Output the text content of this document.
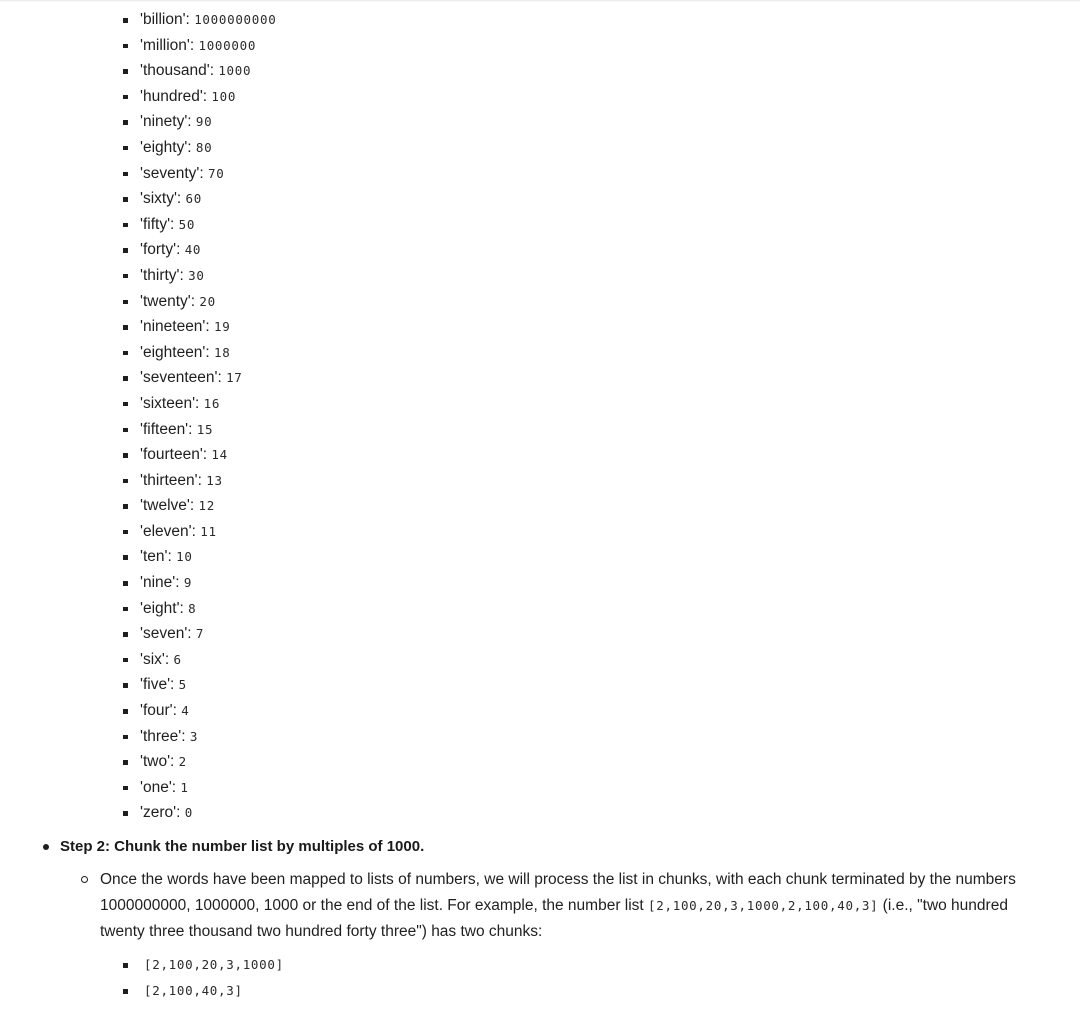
'billion': 1000000000
'million': 1000000
'thousand': 1000
'hundred': 100
'ninety': 90
'eighty': 80
'seventy': 70
'sixty': 60
'fifty': 50
'forty': 40
'thirty': 30
'twenty': 20
'nineteen': 19
'eighteen': 18
'seventeen': 17
'sixteen': 16
'fifteen': 15
'fourteen': 14
'thirteen': 13
'twelve': 12
'eleven': 11
'ten': 10
'nine': 9
'eight': 8
'seven': 7
'six': 6
'five': 5
'four': 4
'three': 3
'two': 2
'one': 1
'zero': 0
Step 2: Chunk the number list by multiples of 1000.
Once the words have been mapped to lists of numbers, we will process the list in chunks, with each chunk terminated by the numbers 1000000000, 1000000, 1000 or the end of the list. For example, the number list [2,100,20,3,1000,2,100,40,3] (i.e., "two hundred twenty three thousand two hundred forty three") has two chunks:
[2,100,20,3,1000]
[2,100,40,3]
